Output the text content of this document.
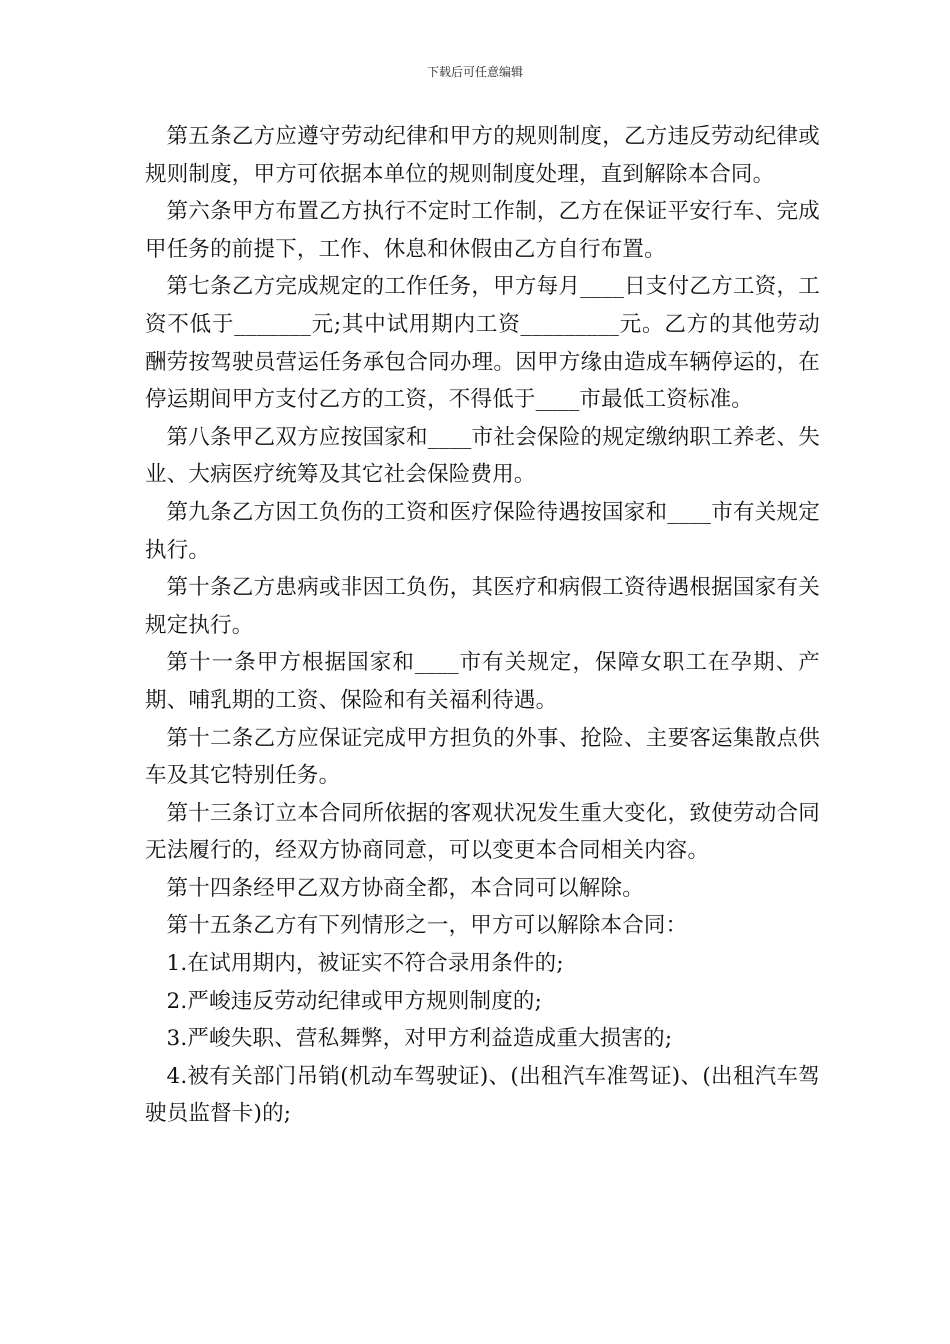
下载后可任意编辑

第五条乙方应遵守劳动纪律和甲方的规则制度，乙方违反劳动纪律或规则制度，甲方可依据本单位的规则制度处理，直到解除本合同。

第六条甲方布置乙方执行不定时工作制，乙方在保证平安行车、完成甲任务的前提下，工作、休息和休假由乙方自行布置。

第七条乙方完成规定的工作任务，甲方每月____日支付乙方工资，工资不低于_______元;其中试用期内工资_________元。乙方的其他劳动酬劳按驾驶员营运任务承包合同办理。因甲方缘由造成车辆停运的，在停运期间甲方支付乙方的工资，不得低于____市最低工资标准。

第八条甲乙双方应按国家和____市社会保险的规定缴纳职工养老、失业、大病医疗统筹及其它社会保险费用。

第九条乙方因工负伤的工资和医疗保险待遇按国家和____市有关规定执行。

第十条乙方患病或非因工负伤，其医疗和病假工资待遇根据国家有关规定执行。

第十一条甲方根据国家和____市有关规定，保障女职工在孕期、产期、哺乳期的工资、保险和有关福利待遇。

第十二条乙方应保证完成甲方担负的外事、抢险、主要客运集散点供车及其它特别任务。

第十三条订立本合同所依据的客观状况发生重大变化，致使劳动合同无法履行的，经双方协商同意，可以变更本合同相关内容。

第十四条经甲乙双方协商全都，本合同可以解除。

第十五条乙方有下列情形之一，甲方可以解除本合同：

1.在试用期内，被证实不符合录用条件的;

2.严峻违反劳动纪律或甲方规则制度的;

3.严峻失职、营私舞弊，对甲方利益造成重大损害的;

4.被有关部门吊销(机动车驾驶证)、(出租汽车准驾证)、(出租汽车驾驶员监督卡)的;
